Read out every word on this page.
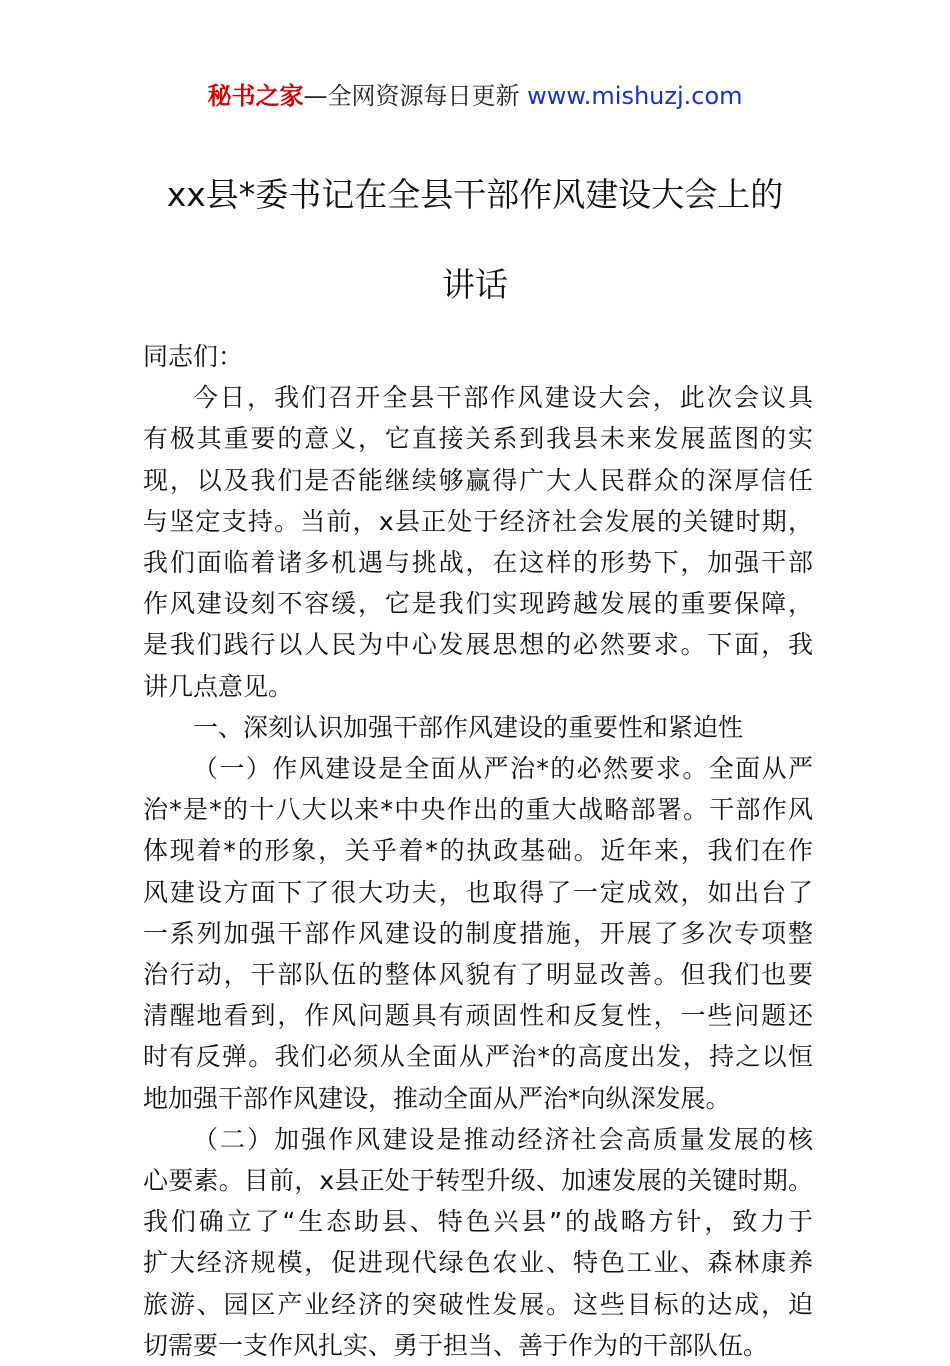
秘书之家—全网资源每日更新 www.mishuzj.com
xx县*委书记在全县干部作风建设大会上的
讲话

同志们：

今日，我们召开全县干部作风建设大会，此次会议具
有极其重要的意义，它直接关系到我县未来发展蓝图的实
现，以及我们是否能继续够赢得广大人民群众的深厚信任
与坚定支持。当前，x县正处于经济社会发展的关键时期，
我们面临着诸多机遇与挑战，在这样的形势下，加强干部
作风建设刻不容缓，它是我们实现跨越发展的重要保障，
是我们践行以人民为中心发展思想的必然要求。下面，我
讲几点意见。

一、深刻认识加强干部作风建设的重要性和紧迫性

（一）作风建设是全面从严治*的必然要求。全面从严
治*是*的十八大以来*中央作出的重大战略部署。干部作风
体现着*的形象，关乎着*的执政基础。近年来，我们在作
风建设方面下了很大功夫，也取得了一定成效，如出台了
一系列加强干部作风建设的制度措施，开展了多次专项整
治行动，干部队伍的整体风貌有了明显改善。但我们也要
清醒地看到，作风问题具有顽固性和反复性，一些问题还
时有反弹。我们必须从全面从严治*的高度出发，持之以恒
地加强干部作风建设，推动全面从严治*向纵深发展。

（二）加强作风建设是推动经济社会高质量发展的核
心要素。目前，x县正处于转型升级、加速发展的关键时期。
我们确立了“生态助县、特色兴县”的战略方针，致力于
扩大经济规模，促进现代绿色农业、特色工业、森林康养
旅游、园区产业经济的突破性发展。这些目标的达成，迫
切需要一支作风扎实、勇于担当、善于作为的干部队伍。
